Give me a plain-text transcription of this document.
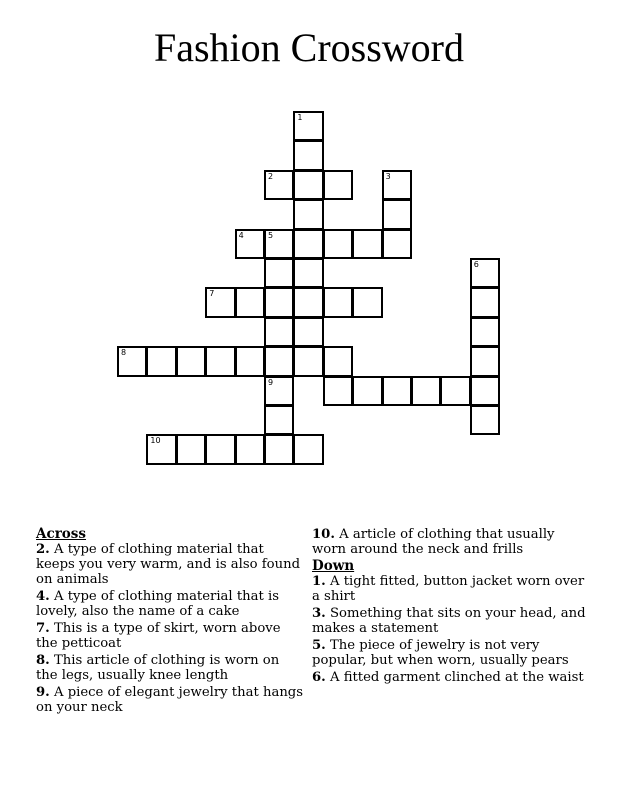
Fashion Crossword
1
2	3
4	5
6
7
8
9
10

Across

2. A type of clothing material that keeps you very warm, and is also found on animals

4. A type of clothing material that is lovely, also the name of a cake

7. This is a type of skirt, worn above the petticoat

8. This article of clothing is worn on the legs, usually knee length

9. A piece of elegant jewelry that hangs on your neck

10. A article of clothing that usually worn around the neck and frills

Down

1. A tight fitted, button jacket worn over a shirt

3. Something that sits on your head, and makes a statement

5. The piece of jewelry is not very popular, but when worn, usually pears

6. A fitted garment clinched at the waist
